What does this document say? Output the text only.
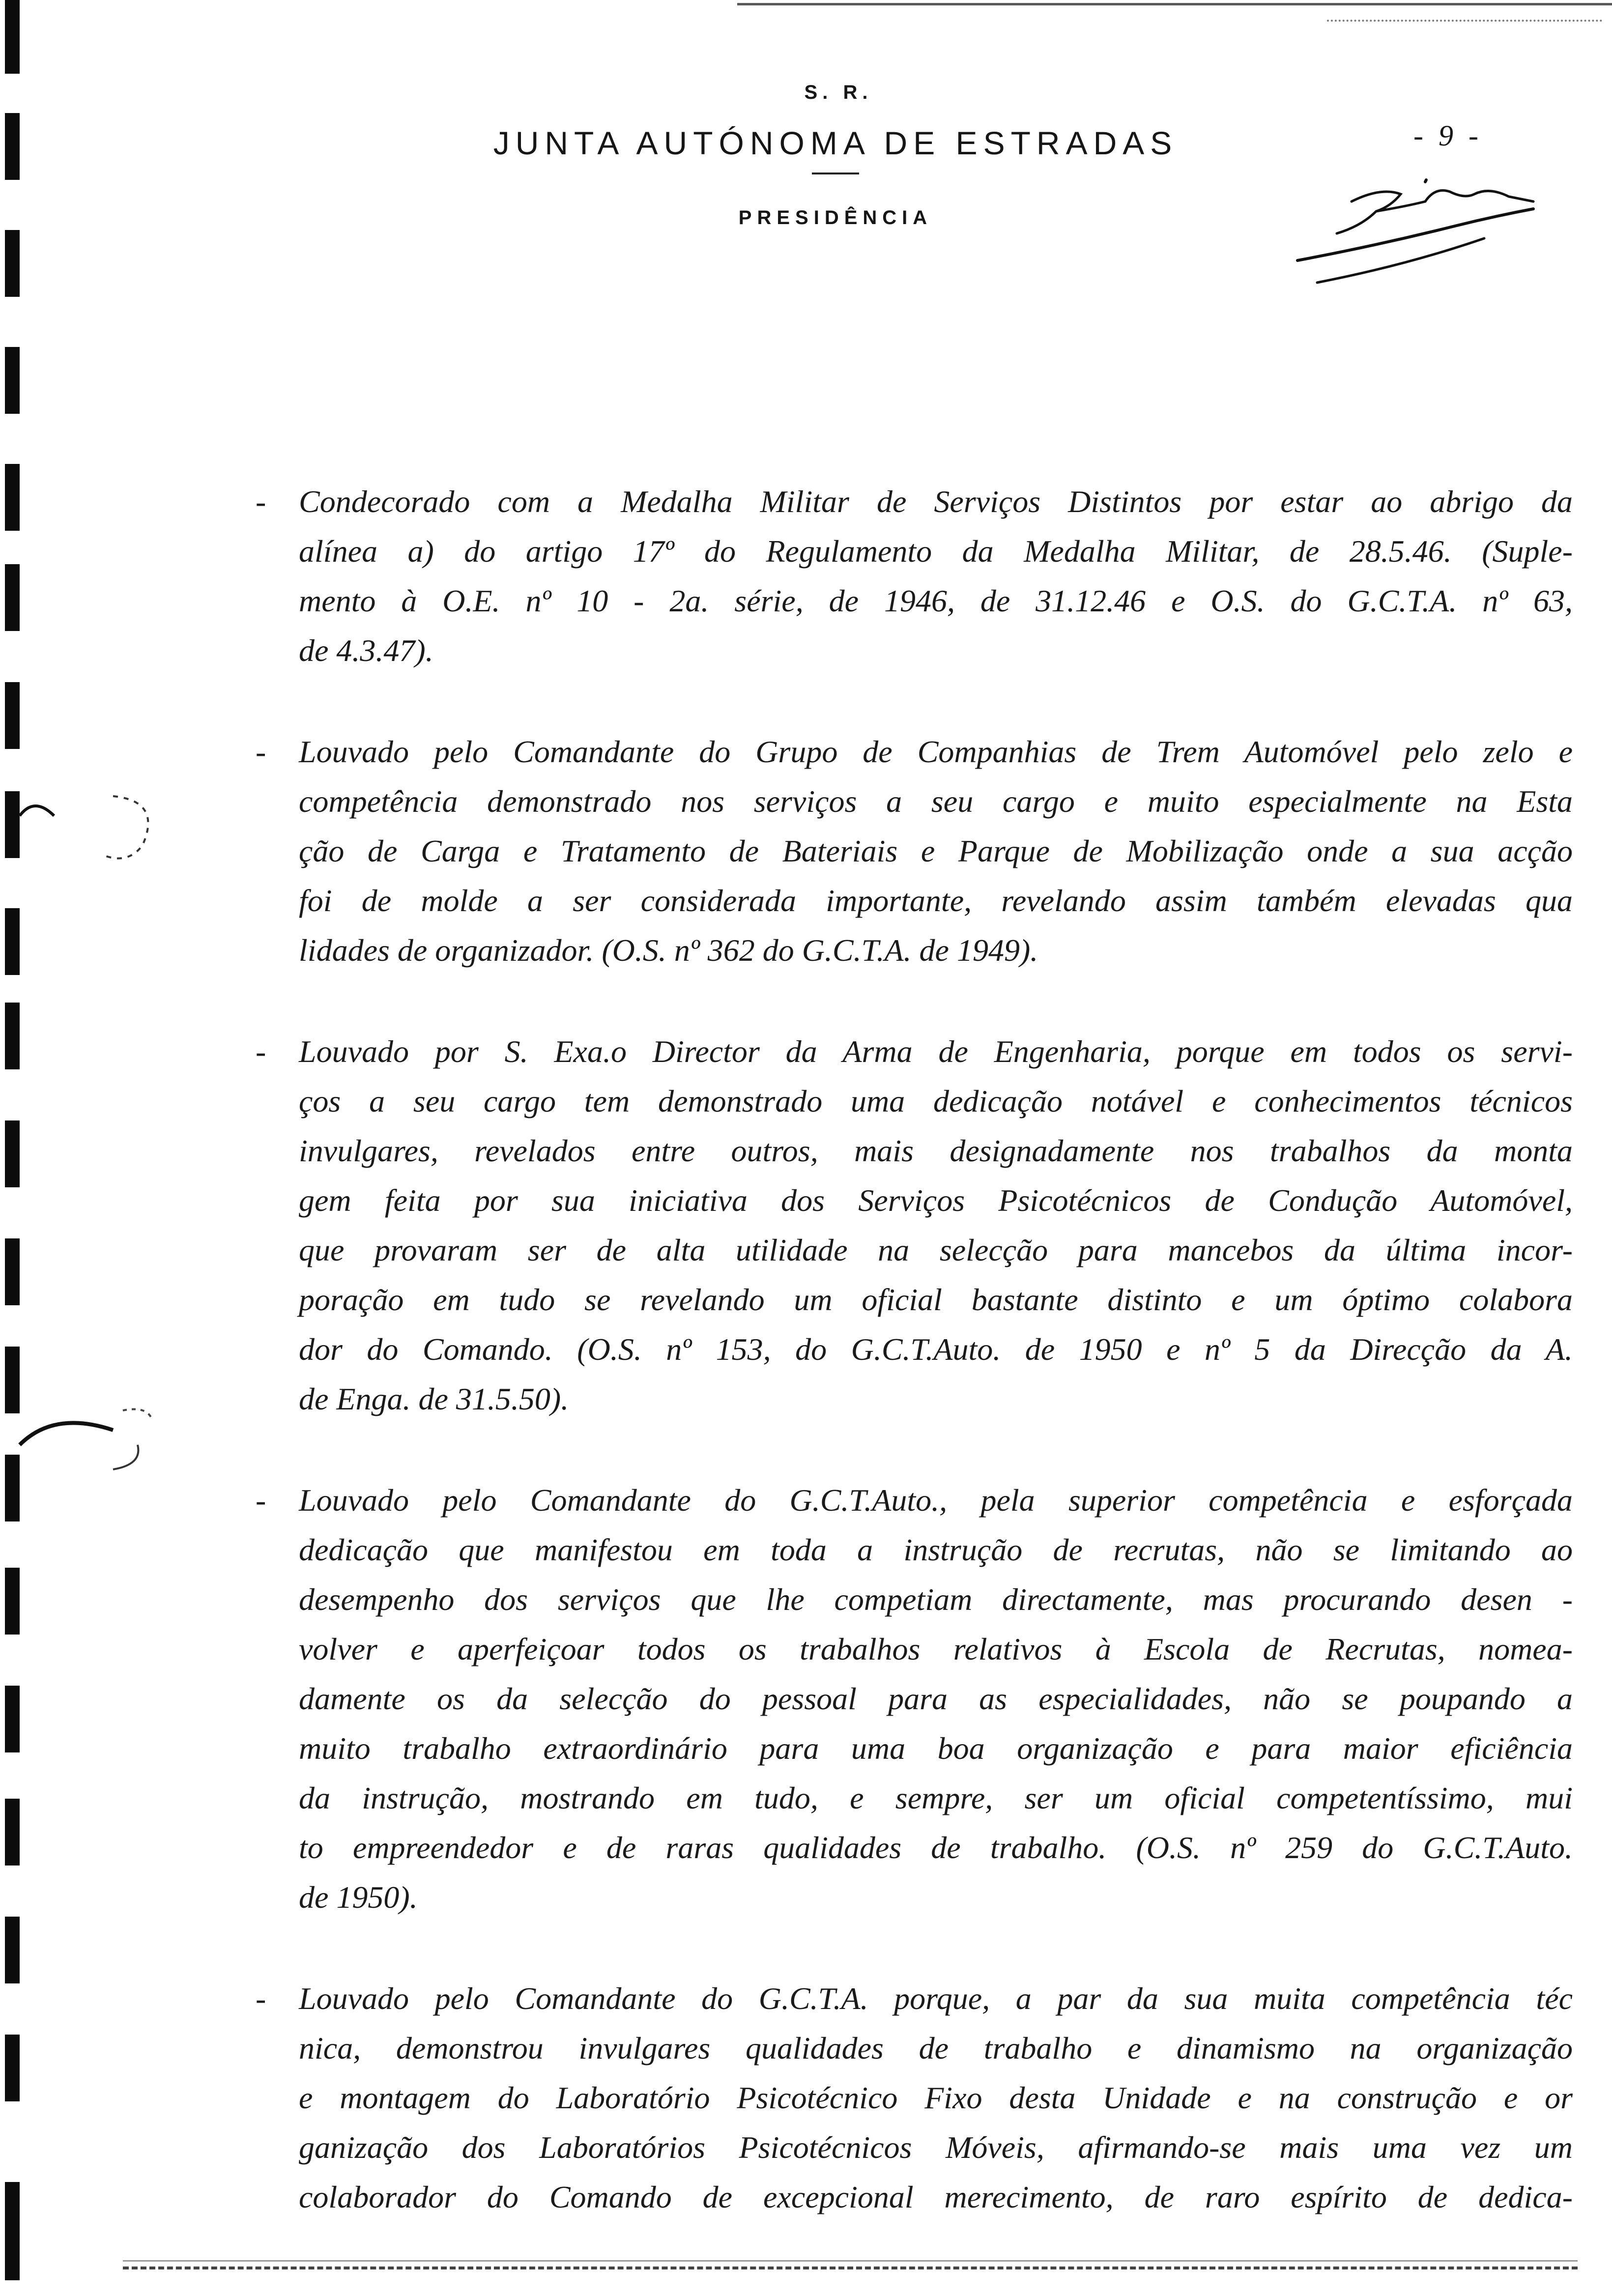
S. R.
JUNTA AUTÓNOMA DE ESTRADAS
PRESIDÊNCIA
- 9 -
- Condecorado com a Medalha Militar de Serviços Distintos por estar ao abrigo da
alínea a) do artigo 17º do Regulamento da Medalha Militar, de 28.5.46. (Suple-
mento à O.E. nº 10 - 2a. série, de 1946, de 31.12.46 e O.S. do G.C.T.A. nº 63,
de 4.3.47).
- Louvado pelo Comandante do Grupo de Companhias de Trem Automóvel pelo zelo e
competência demonstrado nos serviços a seu cargo e muito especialmente na Esta
ção de Carga e Tratamento de Bateriais e Parque de Mobilização onde a sua acção
foi de molde a ser considerada importante, revelando assim também elevadas qua
lidades de organizador. (O.S. nº 362 do G.C.T.A. de 1949).
- Louvado por S. Exa.o Director da Arma de Engenharia, porque em todos os servi-
ços a seu cargo tem demonstrado uma dedicação notável e conhecimentos técnicos
invulgares, revelados entre outros, mais designadamente nos trabalhos da monta
gem feita por sua iniciativa dos Serviços Psicotécnicos de Condução Automóvel,
que provaram ser de alta utilidade na selecção para mancebos da última incor-
poração em tudo se revelando um oficial bastante distinto e um óptimo colabora
dor do Comando. (O.S. nº 153, do G.C.T.Auto. de 1950 e nº 5 da Direcção da A.
de Enga. de 31.5.50).
- Louvado pelo Comandante do G.C.T.Auto., pela superior competência e esforçada
dedicação que manifestou em toda a instrução de recrutas, não se limitando ao
desempenho dos serviços que lhe competiam directamente, mas procurando desen -
volver e aperfeiçoar todos os trabalhos relativos à Escola de Recrutas, nomea-
damente os da selecção do pessoal para as especialidades, não se poupando a
muito trabalho extraordinário para uma boa organização e para maior eficiência
da instrução, mostrando em tudo, e sempre, ser um oficial competentíssimo, mui
to empreendedor e de raras qualidades de trabalho. (O.S. nº 259 do G.C.T.Auto.
de 1950).
- Louvado pelo Comandante do G.C.T.A. porque, a par da sua muita competência téc
nica, demonstrou invulgares qualidades de trabalho e dinamismo na organização
e montagem do Laboratório Psicotécnico Fixo desta Unidade e na construção e or
ganização dos Laboratórios Psicotécnicos Móveis, afirmando-se mais uma vez um
colaborador do Comando de excepcional merecimento, de raro espírito de dedica-
